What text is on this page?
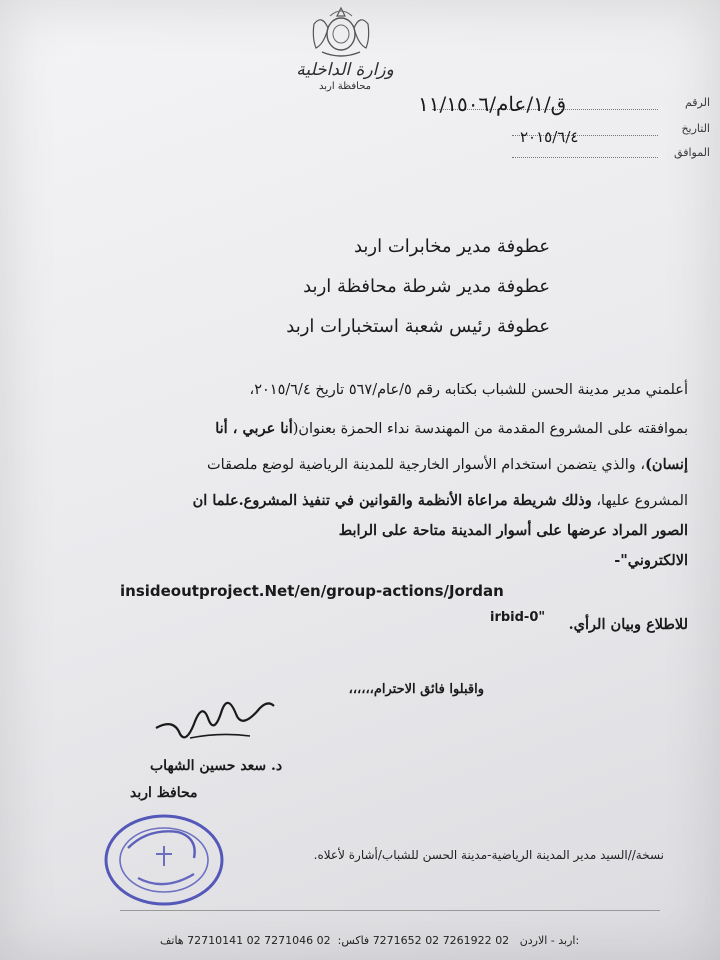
وزارة الداخلية
محافظة اربد
الرقم
ق/١/عام/١١/١٥٠٦
التاريخ
٢٠١٥/٦/٤
الموافق
عطوفة مدير مخابرات اربد
عطوفة مدير شرطة محافظة اربد
عطوفة رئيس شعبة استخبارات اربد
أعلمني مدير مدينة الحسن للشباب بكتابه رقم ٥/عام/٥٦٧ تاريخ ٢٠١٥/٦/٤،
بموافقته على المشروع المقدمة من المهندسة نداء الحمزة بعنوان(أنا عربي ، أنا
إنسان)، والذي يتضمن استخدام الأسوار الخارجية للمدينة الرياضية لوضع ملصقات
المشروع عليها، وذلك شريطة مراعاة الأنظمة والقوانين في تنفيذ المشروع.علما ان
الصور المراد عرضها على أسوار المدينة متاحة على الرابط
الالكتروني"-
insideoutproject.Net/en/group-actions/Jordan
irbid-0" للاطلاع وبيان الرأي.
واقبلوا فائق الاحترام،،،،،،
د. سعد حسين الشهاب
محافظ اربد
نسخة//السيد مدير المدينة الرياضية-مدينة الحسن للشباب/أشارة لأعلاه.
اربد - الاردن   02 7261922 02 7271652 فاكس:  02 7271046 02 72710141 هاتف:
